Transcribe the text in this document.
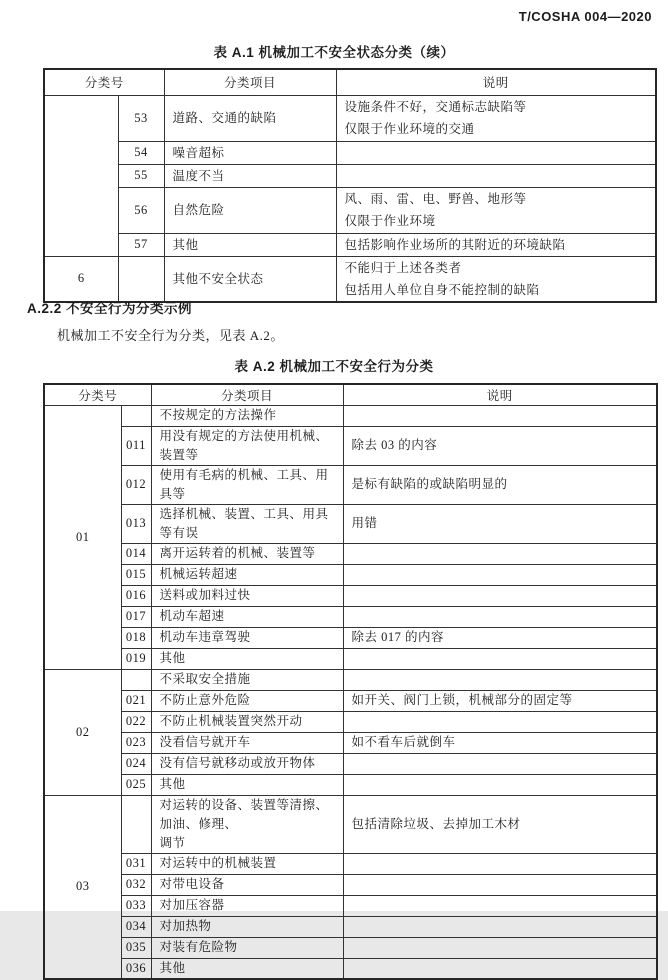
T/COSHA 004—2020
表 A.1 机械加工不安全状态分类（续）
分类号		分类项目	说明
	53	道路、交通的缺陷	设施条件不好，交通标志缺陷等
仅限于作业环境的交通

	54	噪音超标	

	55	温度不当	

	56	自然危险	风、雨、雷、电、野兽、地形等
仅限于作业环境

	57	其他	包括影响作业场所的其附近的环境缺陷

6		其他不安全状态	不能归于上述各类者
包括用人单位自身不能控制的缺陷
A.2.2 不安全行为分类示例
机械加工不安全行为分类，见表 A.2。
表 A.2 机械加工不安全行为分类
分类号		分类项目	说明
01		不按规定的方法操作	

	011	用没有规定的方法使用机械、装置等	除去 03 的内容

	012	使用有毛病的机械、工具、用具等	是标有缺陷的或缺陷明显的

	013	选择机械、装置、工具、用具等有误	用错

	014	离开运转着的机械、装置等	

	015	机械运转超速	

	016	送料或加料过快	

	017	机动车超速	

	018	机动车违章驾驶	除去 017 的内容

	019	其他	

02		不采取安全措施	

	021	不防止意外危险	如开关、阀门上锁，机械部分的固定等

	022	不防止机械装置突然开动	

	023	没看信号就开车	如不看车后就倒车

	024	没有信号就移动或放开物体	

	025	其他	

03		对运转的设备、装置等清擦、加油、修理、
调节	包括清除垃圾、去掉加工木材

	031	对运转中的机械装置	

	032	对带电设备	

	033	对加压容器	

	034	对加热物	

	035	对装有危险物	

	036	其他	
